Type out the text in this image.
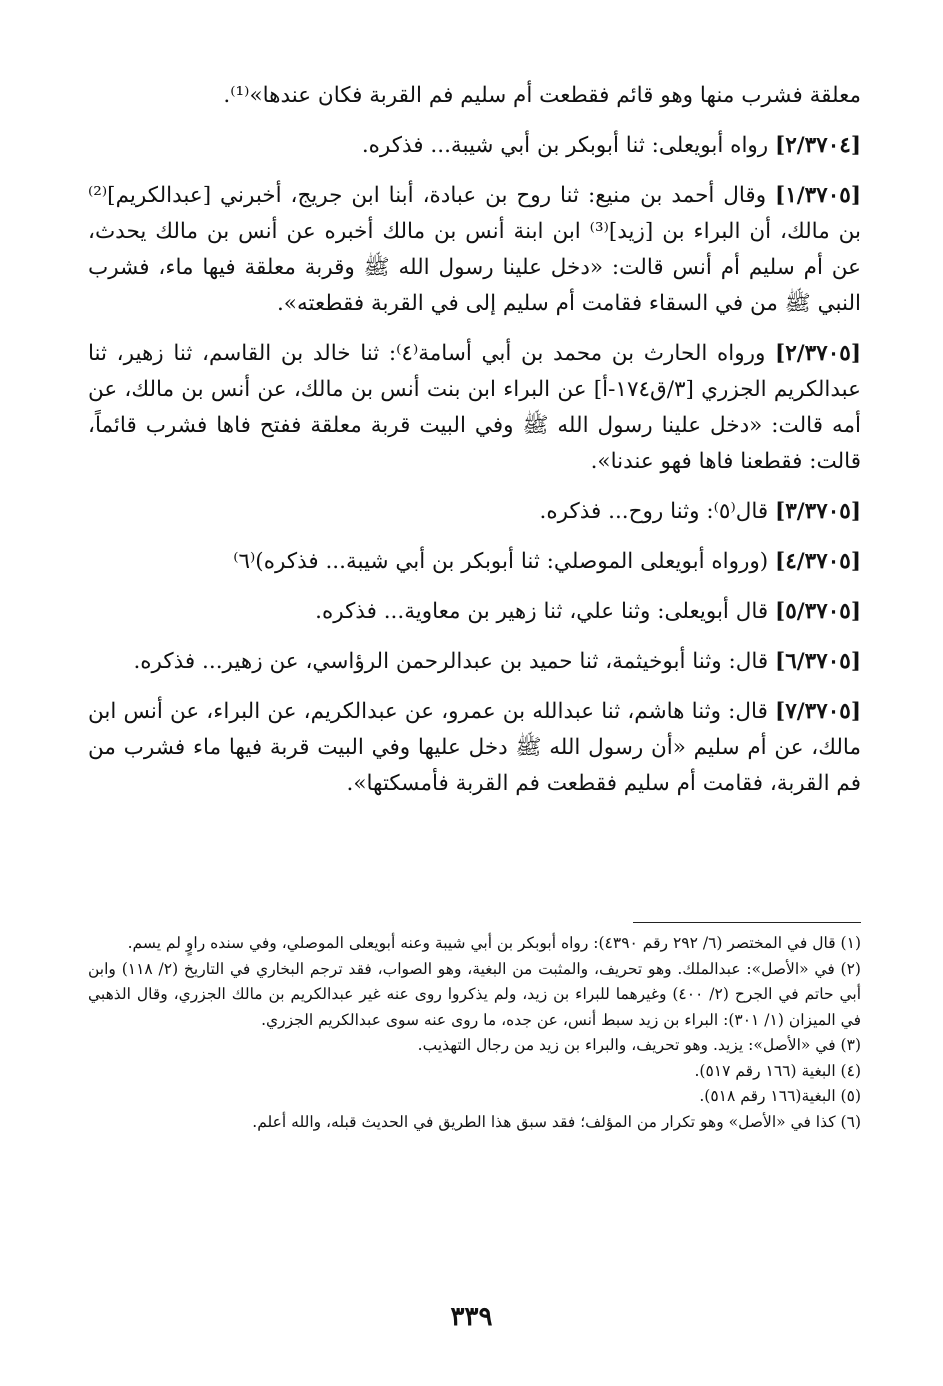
معلقة فشرب منها وهو قائم فقطعت أم سليم فم القربة فكان عندها»⁽¹⁾.

[٢/٣٧٠٤] رواه أبويعلى: ثنا أبوبكر بن أبي شيبة... فذكره.

[١/٣٧٠٥] وقال أحمد بن منيع: ثنا روح بن عبادة، أبنا ابن جريج، أخبرني [عبدالكريم]⁽²⁾ بن مالك، أن البراء بن [زيد]⁽³⁾ ابن ابنة أنس بن مالك أخبره عن أنس بن مالك يحدث، عن أم سليم أم أنس قالت: «دخل علينا رسول الله ﷺ وقربة معلقة فيها ماء، فشرب النبي ﷺ من في السقاء فقامت أم سليم إلى في القربة فقطعته».

[٢/٣٧٠٥] ورواه الحارث بن محمد بن أبي أسامة⁽٤⁾: ثنا خالد بن القاسم، ثنا زهير، ثنا عبدالكريم الجزري [٣/ق١٧٤-أ] عن البراء ابن بنت أنس بن مالك، عن أنس بن مالك، عن أمه قالت: «دخل علينا رسول الله ﷺ وفي البيت قربة معلقة ففتح فاها فشرب قائماً، قالت: فقطعنا فاها فهو عندنا».

[٣/٣٧٠٥] قال⁽٥⁾: وثنا روح... فذكره.

[٤/٣٧٠٥] (ورواه أبويعلى الموصلي: ثنا أبوبكر بن أبي شيبة... فذكره)⁽٦⁾

[٥/٣٧٠٥] قال أبويعلى: وثنا علي، ثنا زهير بن معاوية... فذكره.

[٦/٣٧٠٥] قال: وثنا أبوخيثمة، ثنا حميد بن عبدالرحمن الرؤاسي، عن زهير... فذكره.

[٧/٣٧٠٥] قال: وثنا هاشم، ثنا عبدالله بن عمرو، عن عبدالكريم، عن البراء، عن أنس ابن مالك، عن أم سليم «أن رسول الله ﷺ دخل عليها وفي البيت قربة فيها ماء فشرب من فم القربة، فقامت أم سليم فقطعت فم القربة فأمسكتها».

(١) قال في المختصر (٦/ ٢٩٢ رقم ٤٣٩٠): رواه أبوبكر بن أبي شيبة وعنه أبويعلى الموصلي، وفي سنده راوٍ لم يسم.

(٢) في «الأصل»: عبدالملك. وهو تحريف، والمثبت من البغية، وهو الصواب، فقد ترجم البخاري في التاريخ (٢/ ١١٨) وابن أبي حاتم في الجرح (٢/ ٤٠٠) وغيرهما للبراء بن زيد، ولم يذكروا روى عنه غير عبدالكريم بن مالك الجزري، وقال الذهبي في الميزان (١/ ٣٠١): البراء بن زيد سبط أنس، عن جده، ما روى عنه سوى عبدالكريم الجزري.

(٣) في «الأصل»: يزيد. وهو تحريف، والبراء بن زيد من رجال التهذيب.

(٤) البغية (١٦٦ رقم ٥١٧).

(٥) البغية(١٦٦ رقم ٥١٨).

(٦) كذا في «الأصل» وهو تكرار من المؤلف؛ فقد سبق هذا الطريق في الحديث قبله، والله أعلم.

٣٣٩
